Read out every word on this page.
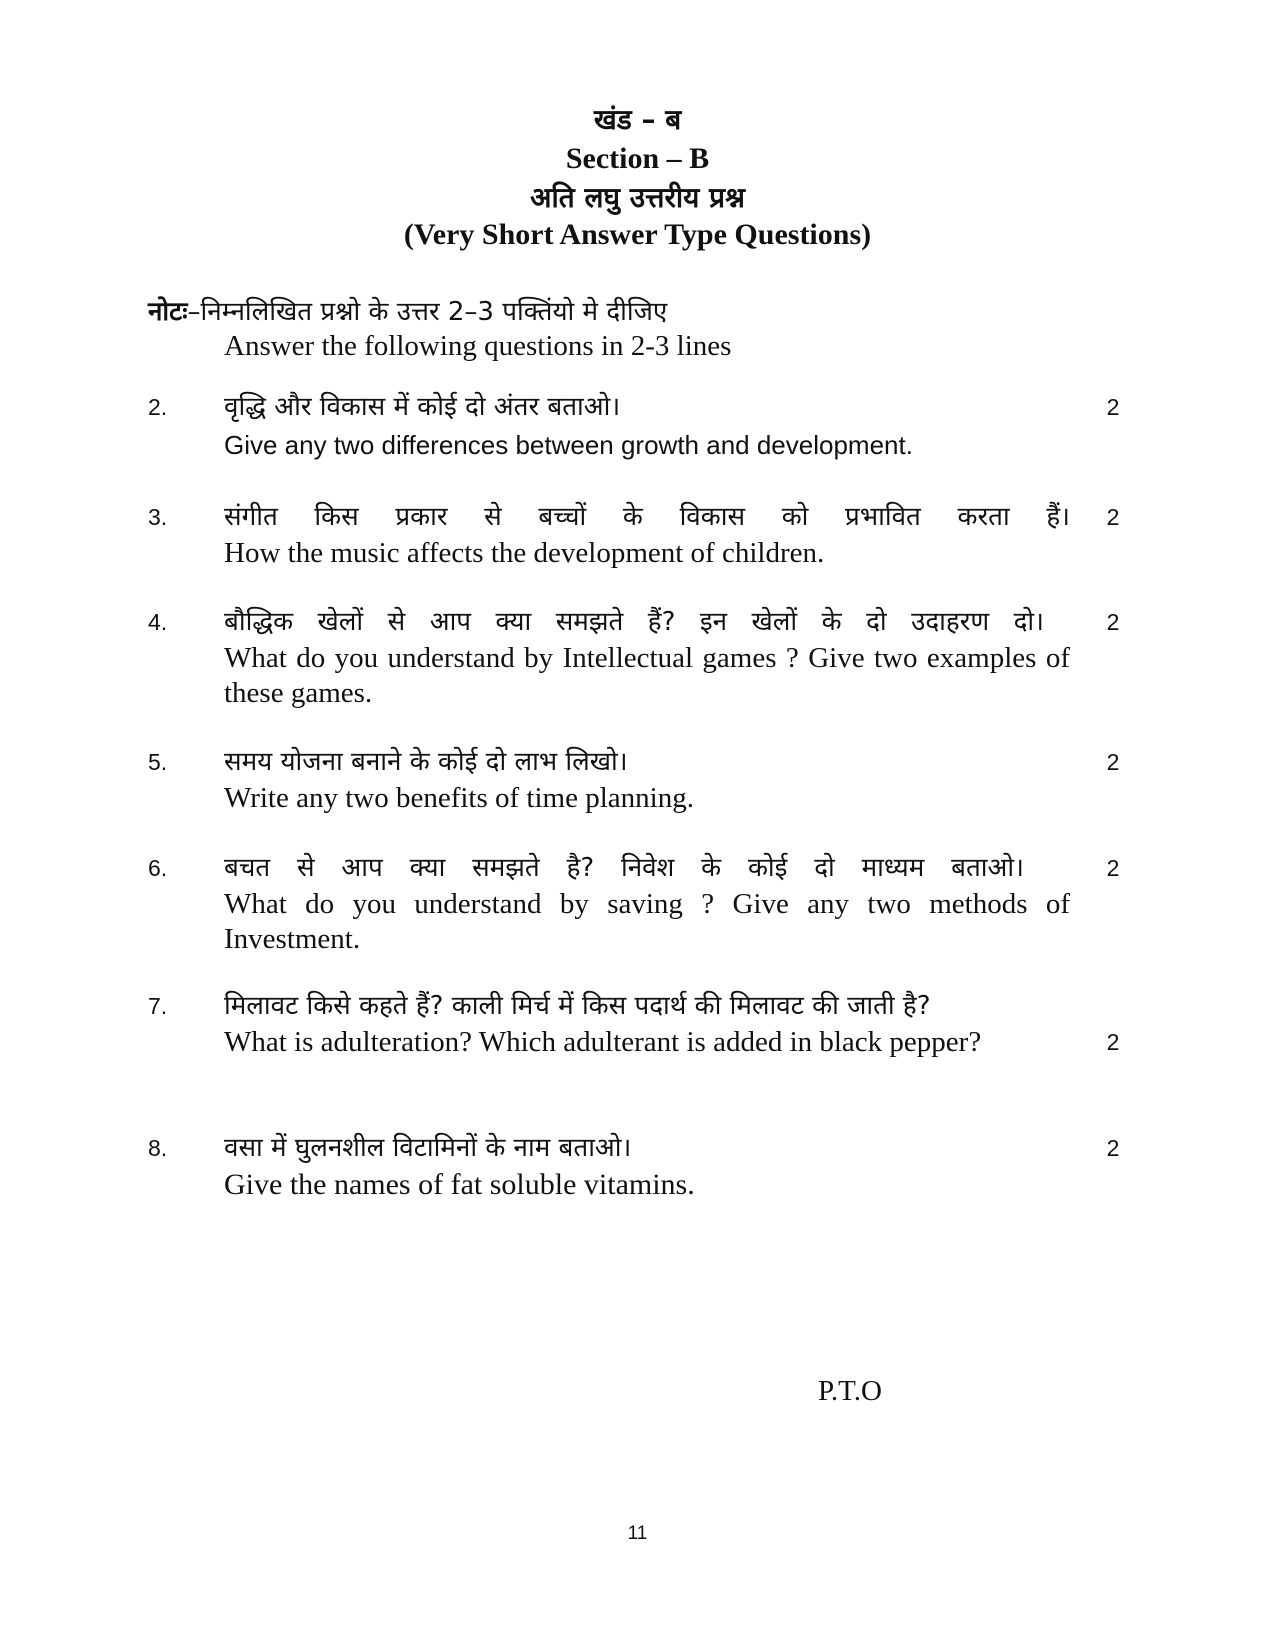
खंड – ब
Section – B
अति लघु उत्तरीय प्रश्न
(Very Short Answer Type Questions)
नोटः–निम्नलिखित प्रश्नो के उत्तर 2–3 पक्तिंयो मे दीजिए
Answer the following questions in 2-3 lines
2. वृद्धि और विकास में कोई दो अंतर बताओ।
Give any two differences between growth and development.
2
3. संगीत किस प्रकार से बच्चों के विकास को प्रभावित करता हैं।
How the music affects the development of children.
2
4. बौद्धिक खेलों से आप क्या समझते हैं? इन खेलों के दो उदाहरण दो।
What do you understand by Intellectual games ? Give two examples of these games.
2
5. समय योजना बनाने के कोई दो लाभ लिखो।
Write any two benefits of time planning.
2
6. बचत से आप क्या समझते है? निवेश के कोई दो माध्यम बताओ।
What do you understand by saving ? Give any two methods of Investment.
2
7. मिलावट किसे कहते हैं? काली मिर्च में किस पदार्थ की मिलावट की जाती है?
What is adulteration? Which adulterant is added in black pepper?	2
8. वसा में घुलनशील विटामिनों के नाम बताओ।
Give the names of fat soluble vitamins.
2
P.T.O
11
